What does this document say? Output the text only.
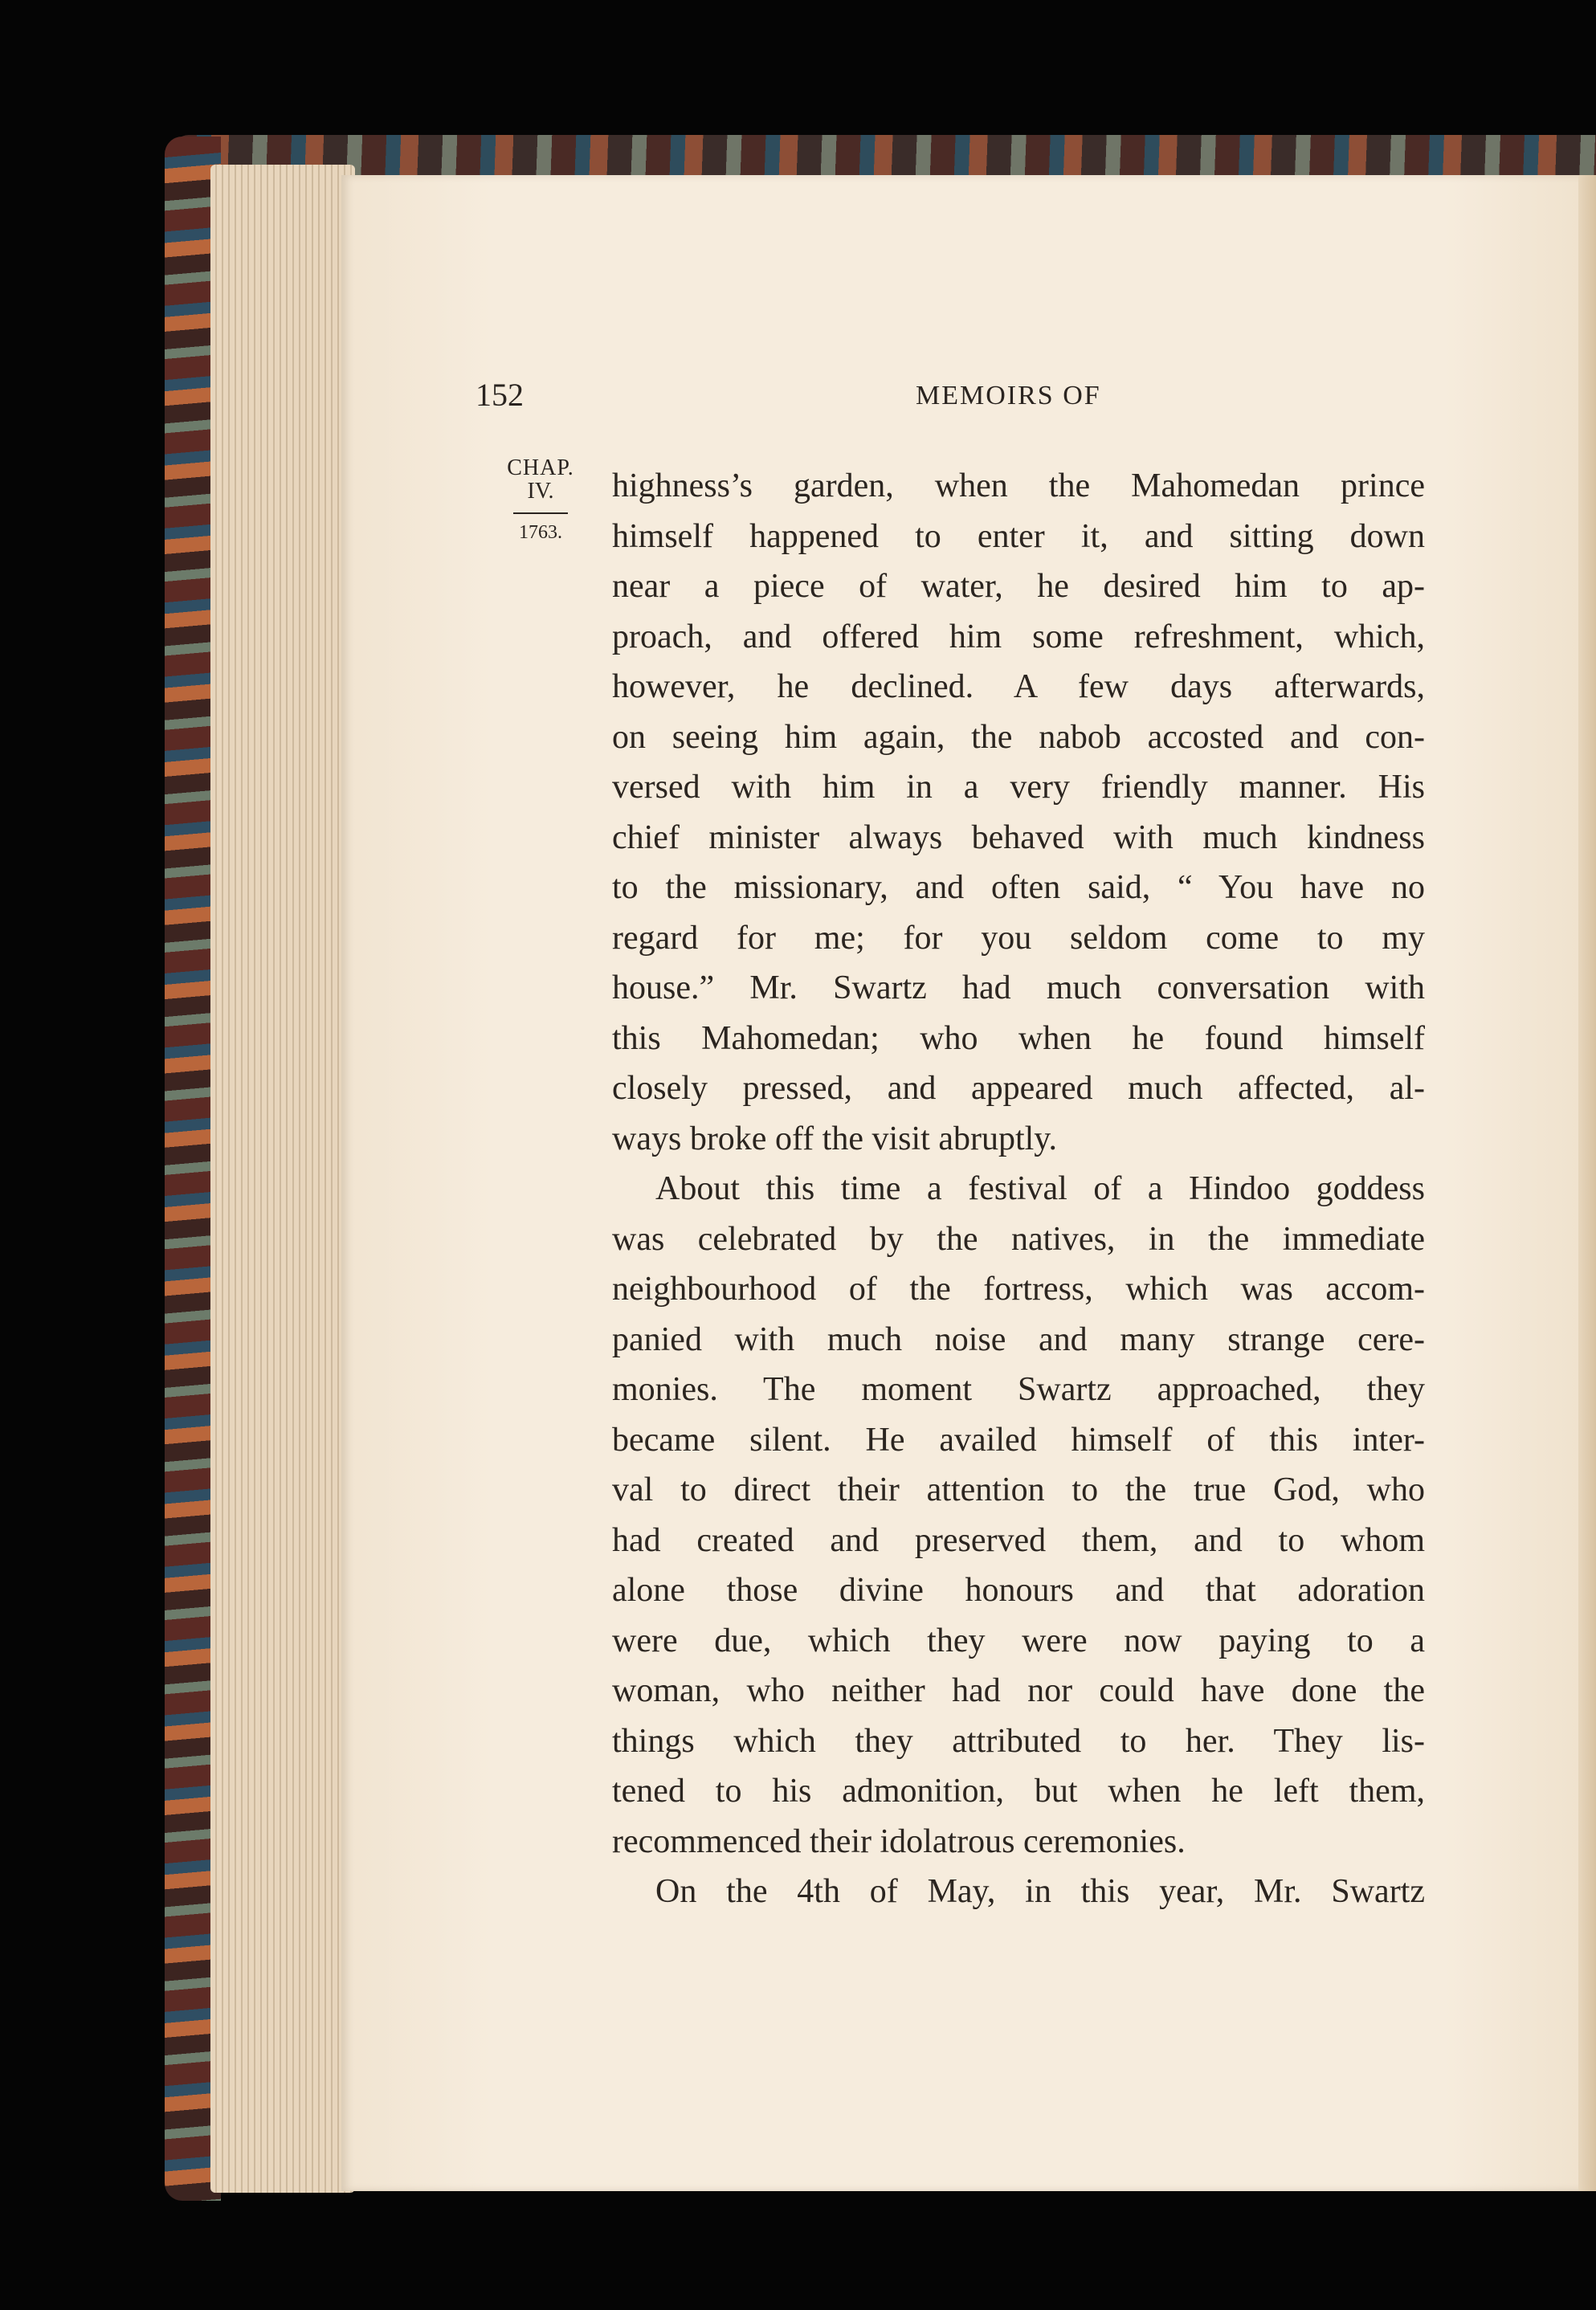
152	MEMOIRS OF
CHAP.
IV.
1763.
highness’s garden, when the Mahomedan prince
himself happened to enter it, and sitting down
near a piece of water, he desired him to ap-
proach, and offered him some refreshment, which,
however, he declined. A few days afterwards,
on seeing him again, the nabob accosted and con-
versed with him in a very friendly manner. His
chief minister always behaved with much kindness
to the missionary, and often said, “ You have no
regard for me; for you seldom come to my
house.” Mr. Swartz had much conversation with
this Mahomedan; who when he found himself
closely pressed, and appeared much affected, al-
ways broke off the visit abruptly.
About this time a festival of a Hindoo goddess
was celebrated by the natives, in the immediate
neighbourhood of the fortress, which was accom-
panied with much noise and many strange cere-
monies. The moment Swartz approached, they
became silent. He availed himself of this inter-
val to direct their attention to the true God, who
had created and preserved them, and to whom
alone those divine honours and that adoration
were due, which they were now paying to a
woman, who neither had nor could have done the
things which they attributed to her. They lis-
tened to his admonition, but when he left them,
recommenced their idolatrous ceremonies.
On the 4th of May, in this year, Mr. Swartz
